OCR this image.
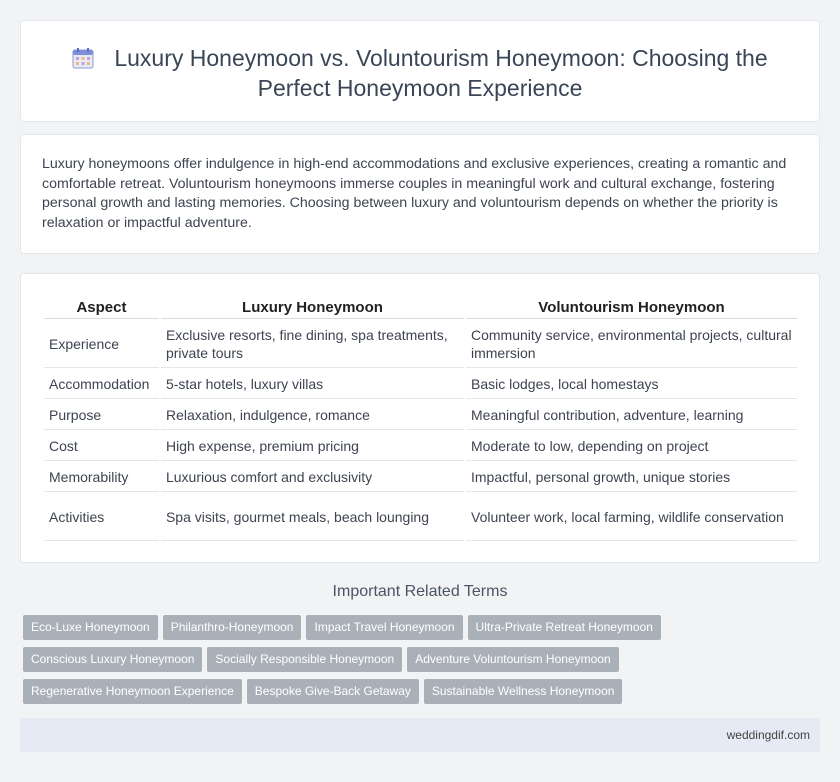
Luxury Honeymoon vs. Voluntourism Honeymoon: Choosing the Perfect Honeymoon Experience

Luxury honeymoons offer indulgence in high-end accommodations and exclusive experiences, creating a romantic and comfortable retreat. Voluntourism honeymoons immerse couples in meaningful work and cultural exchange, fostering personal growth and lasting memories. Choosing between luxury and voluntourism depends on whether the priority is relaxation or impactful adventure.

Aspect	Luxury Honeymoon	Voluntourism Honeymoon
Experience	Exclusive resorts, fine dining, spa treatments, private tours	Community service, environmental projects, cultural immersion
Accommodation	5-star hotels, luxury villas	Basic lodges, local homestays
Purpose	Relaxation, indulgence, romance	Meaningful contribution, adventure, learning
Cost	High expense, premium pricing	Moderate to low, depending on project
Memorability	Luxurious comfort and exclusivity	Impactful, personal growth, unique stories
Activities	Spa visits, gourmet meals, beach lounging	Volunteer work, local farming, wildlife conservation
Important Related Terms
Eco-Luxe Honeymoon Philanthro-Honeymoon Impact Travel Honeymoon Ultra-Private Retreat Honeymoon
Conscious Luxury Honeymoon Socially Responsible Honeymoon Adventure Voluntourism Honeymoon
Regenerative Honeymoon Experience Bespoke Give-Back Getaway Sustainable Wellness Honeymoon
weddingdif.com
